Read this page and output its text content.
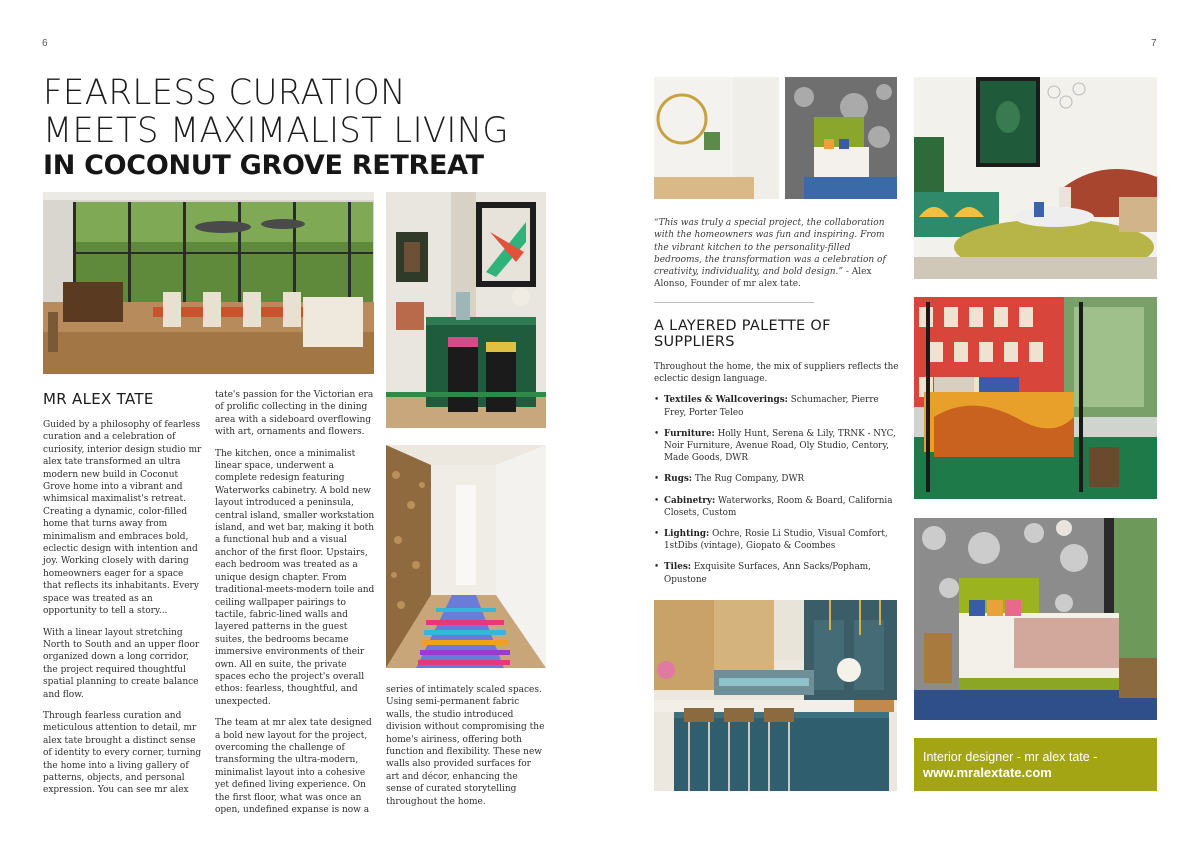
6	7
FEARLESS CURATION
MEETS MAXIMALIST LIVING
IN COCONUT GROVE RETREAT
MR ALEX TATE

Guided by a philosophy of fearless curation and a celebration of curiosity, interior design studio mr alex tate transformed an ultra modern new build in Coconut Grove home into a vibrant and whimsical maximalist's retreat. Creating a dynamic, color-filled home that turns away from minimalism and embraces bold, eclectic design with intention and joy. Working closely with daring homeowners eager for a space that reflects its inhabitants. Every space was treated as an opportunity to tell a story...

With a linear layout stretching North to South and an upper floor organized down a long corridor, the project required thoughtful spatial planning to create balance and flow.

Through fearless curation and meticulous attention to detail, mr alex tate brought a distinct sense of identity to every corner, turning the home into a living gallery of patterns, objects, and personal expression. You can see mr alex

tate's passion for the Victorian era of prolific collecting in the dining area with a sideboard overflowing with art, ornaments and flowers.

The kitchen, once a minimalist linear space, underwent a complete redesign featuring Waterworks cabinetry. A bold new layout introduced a peninsula, central island, smaller workstation island, and wet bar, making it both a functional hub and a visual anchor of the first floor. Upstairs, each bedroom was treated as a unique design chapter. From traditional-meets-modern toile and ceiling wallpaper pairings to tactile, fabric-lined walls and layered patterns in the guest suites, the bedrooms became immersive environments of their own. All en suite, the private spaces echo the project's overall ethos: fearless, thoughtful, and unexpected.

The team at mr alex tate designed a bold new layout for the project, overcoming the challenge of transforming the ultra-modern, minimalist layout into a cohesive yet defined living experience. On the first floor, what was once an open, undefined expanse is now a

series of intimately scaled spaces. Using semi-permanent fabric walls, the studio introduced division without compromising the home's airiness, offering both function and flexibility. These new walls also provided surfaces for art and décor, enhancing the sense of curated storytelling throughout the home.

“This was truly a special project, the collaboration with the homeowners was fun and inspiring. From the vibrant kitchen to the personality-filled bedrooms, the transformation was a celebration of creativity, individuality, and bold design.” - Alex Alonso, Founder of mr alex tate.
A LAYERED PALETTE OF
SUPPLIERS

Throughout the home, the mix of suppliers reflects the eclectic design language.

• Textiles & Wallcoverings: Schumacher, Pierre Frey, Porter Teleo
• Furniture: Holly Hunt, Serena & Lily, TRNK - NYC, Noir Furniture, Avenue Road, Oly Studio, Centory, Made Goods, DWR
• Rugs: The Rug Company, DWR
• Cabinetry: Waterworks, Room & Board, California Closets, Custom
• Lighting: Ochre, Rosie Li Studio, Visual Comfort, 1stDibs (vintage), Giopato & Coombes
• Tiles: Exquisite Surfaces, Ann Sacks/Popham, Opustone
Interior designer - mr alex tate -
www.mralextate.com
